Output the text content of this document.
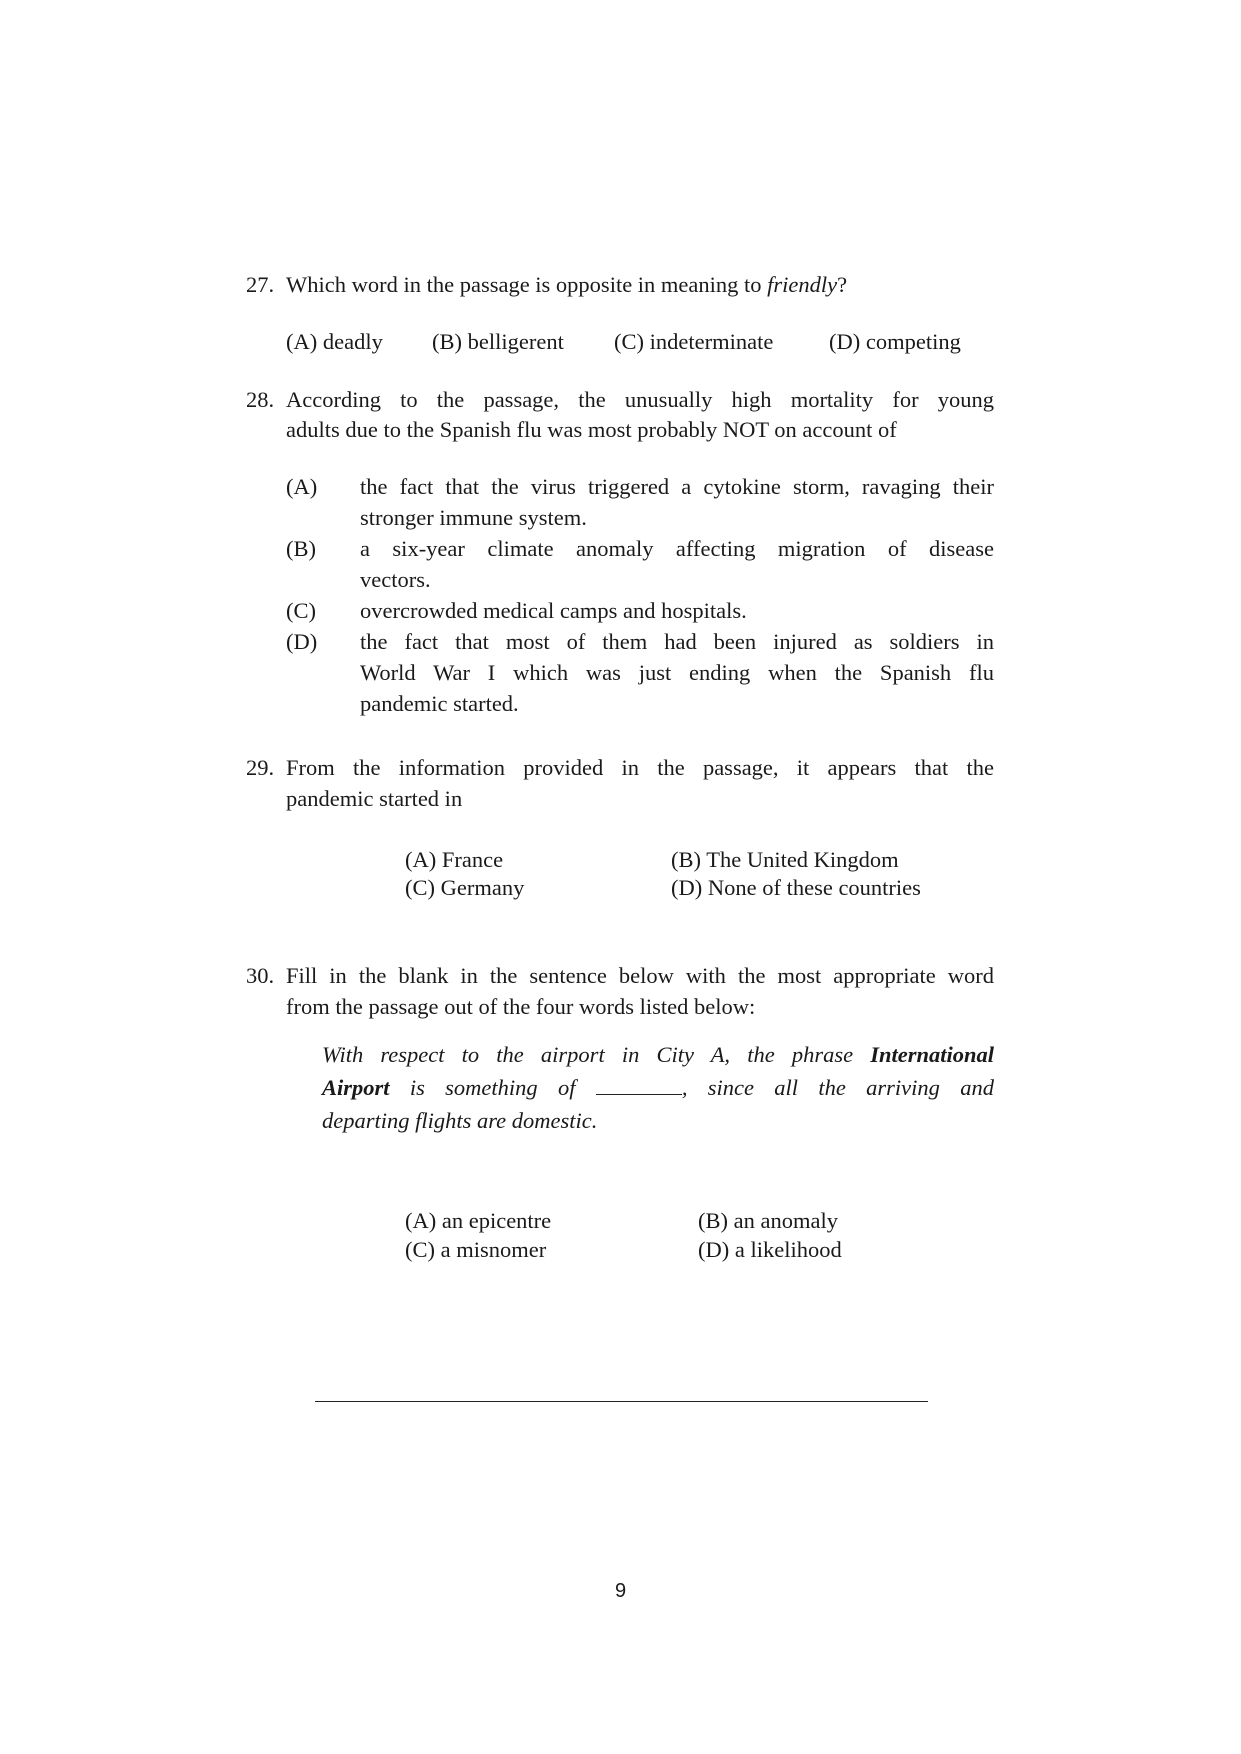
27. Which word in the passage is opposite in meaning to friendly?
(A) deadly (B) belligerent (C) indeterminate (D) competing
28. According to the passage, the unusually high mortality for young
adults due to the Spanish flu was most probably NOT on account of
(A) the fact that the virus triggered a cytokine storm, ravaging their
stronger immune system.
(B) a six-year climate anomaly affecting migration of disease
vectors.
(C) overcrowded medical camps and hospitals.
(D) the fact that most of them had been injured as soldiers in
World War I which was just ending when the Spanish flu
pandemic started.
29. From the information provided in the passage, it appears that the
pandemic started in
(A) France	(B) The United Kingdom
(C) Germany	(D) None of these countries
30. Fill in the blank in the sentence below with the most appropriate word
from the passage out of the four words listed below:
With respect to the airport in City A, the phrase International
Airport is something of	, since all the arriving and
departing flights are domestic.
(A) an epicentre	(B) an anomaly
(C) a misnomer	(D) a likelihood
9
